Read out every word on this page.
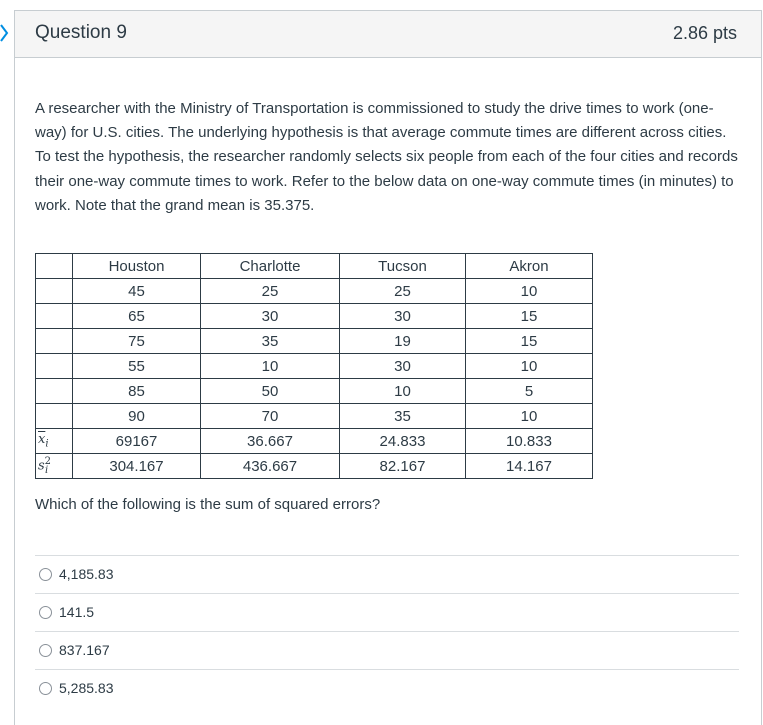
Question 9	2.86 pts

A researcher with the Ministry of Transportation is commissioned to study the drive times to work (one-way) for U.S. cities. The underlying hypothesis is that average commute times are different across cities. To test the hypothesis, the researcher randomly selects six people from each of the four cities and records their one-way commute times to work. Refer to the below data on one-way commute times (in minutes) to work. Note that the grand mean is 35.375.

	Houston	Charlotte	Tucson	Akron
	45	25	25	10
	65	30	30	15
	75	35	19	15
	55	10	30	10
	85	50	10	5
	90	70	35	10
$\overline{x}_i$	69167	36.667	24.833	10.833
$s^2_i$	304.167	436.667	82.167	14.167

Which of the following is the sum of squared errors?

4,185.83
141.5
837.167
5,285.83
